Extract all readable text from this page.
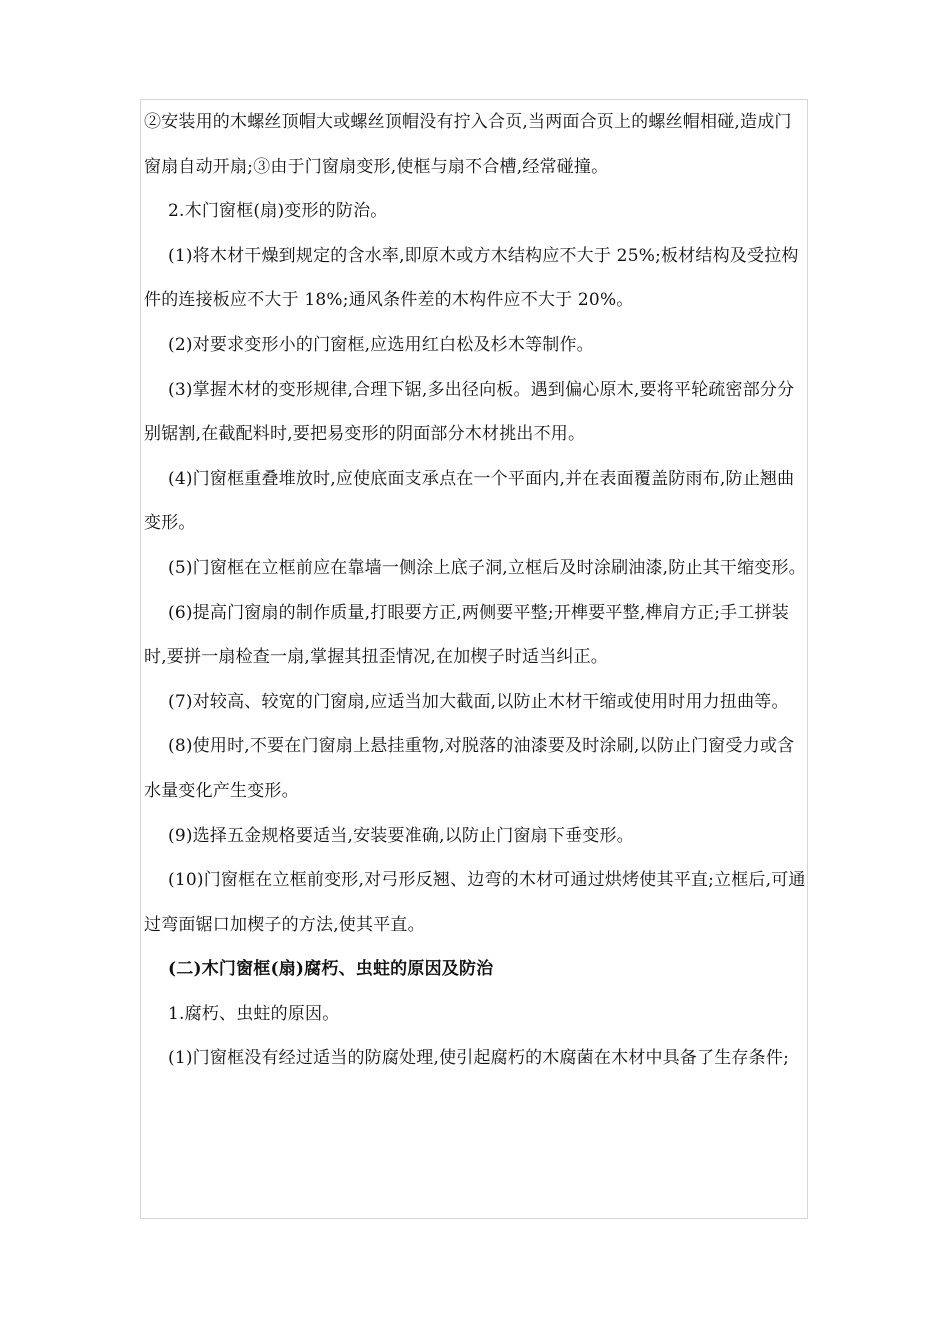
②安装用的木螺丝顶帽大或螺丝顶帽没有拧入合页,当两面合页上的螺丝帽相碰,造成门窗扇自动开扇;③由于门窗扇变形,使框与扇不合槽,经常碰撞。

2.木门窗框(扇)变形的防治。

(1)将木材干燥到规定的含水率,即原木或方木结构应不大于 25%;板材结构及受拉构件的连接板应不大于 18%;通风条件差的木构件应不大于 20%。

(2)对要求变形小的门窗框,应选用红白松及杉木等制作。

(3)掌握木材的变形规律,合理下锯,多出径向板。遇到偏心原木,要将平轮疏密部分分别锯割,在截配料时,要把易变形的阴面部分木材挑出不用。

(4)门窗框重叠堆放时,应使底面支承点在一个平面内,并在表面覆盖防雨布,防止翘曲变形。

(5)门窗框在立框前应在靠墙一侧涂上底子洞,立框后及时涂刷油漆,防止其干缩变形。

(6)提高门窗扇的制作质量,打眼要方正,两侧要平整;开榫要平整,榫肩方正;手工拼装时,要拼一扇检查一扇,掌握其扭歪情况,在加楔子时适当纠正。

(7)对较高、较宽的门窗扇,应适当加大截面,以防止木材干缩或使用时用力扭曲等。

(8)使用时,不要在门窗扇上悬挂重物,对脱落的油漆要及时涂刷,以防止门窗受力或含水量变化产生变形。

(9)选择五金规格要适当,安装要准确,以防止门窗扇下垂变形。

(10)门窗框在立框前变形,对弓形反翘、边弯的木材可通过烘烤使其平直;立框后,可通过弯面锯口加楔子的方法,使其平直。

(二)木门窗框(扇)腐朽、虫蛀的原因及防治

1.腐朽、虫蛀的原因。

(1)门窗框没有经过适当的防腐处理,使引起腐朽的木腐菌在木材中具备了生存条件;
